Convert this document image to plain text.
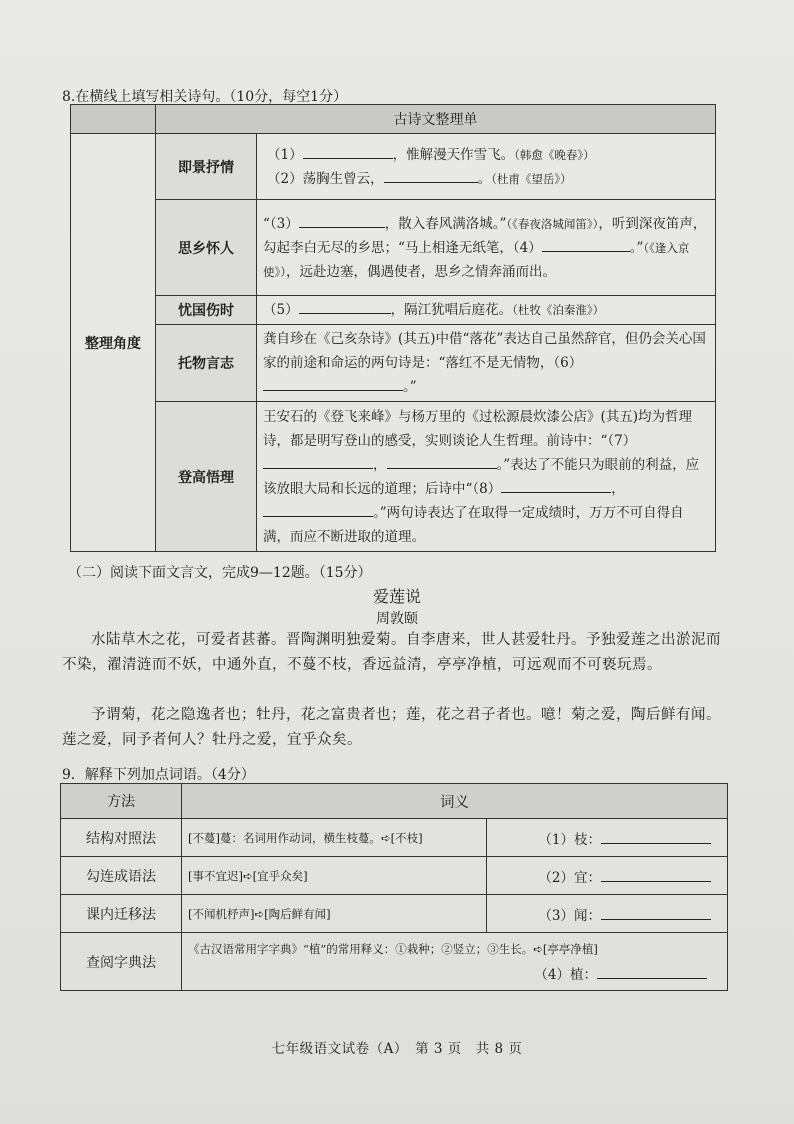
8.在横线上填写相关诗句。（10分，每空1分）
	古诗文整理单	
整理角度	即景抒情	（1） ，惟解漫天作雪飞。（韩愈《晚春》）
（2）荡胸生曾云， 。（杜甫《望岳》）

	思乡怀人	“（3） ，散入春风满洛城。”（《春夜洛城闻笛》），听到深夜笛声，勾起李白无尽的乡思；“马上相逢无纸笔，（4） 。”（《逢入京使》），远赴边塞，偶遇使者，思乡之情奔涌而出。
	忧国伤时	（5） ，隔江犹唱后庭花。（杜牧《泊秦淮》）
	托物言志	龚自珍在《己亥杂诗》(其五)中借“落花”表达自己虽然辞官，但仍会关心国家的前途和命运的两句诗是：“落红不是无情物，（6）。”
	登高悟理	王安石的《登飞来峰》与杨万里的《过松源晨炊漆公店》(其五)均为哲理诗，都是明写登山的感受，实则谈论人生哲理。前诗中：“（7）， 。”表达了不能只为眼前的利益，应该放眼大局和长远的道理；后诗中“（8） ，。”两句诗表达了在取得一定成绩时，万万不可自得自满，而应不断进取的道理。
（二）阅读下面文言文，完成9—12题。（15分）
爱莲说
周敦颐

水陆草木之花，可爱者甚蕃。晋陶渊明独爱菊。自李唐来，世人甚爱牡丹。予独爱莲之出淤泥而不染，濯清涟而不妖，中通外直，不蔓不枝，香远益清，亭亭净植，可远观而不可亵玩焉。

予谓菊，花之隐逸者也；牡丹，花之富贵者也；莲，花之君子者也。噫！菊之爱，陶后鲜有闻。莲之爱，同予者何人？牡丹之爱，宜乎众矣。

9．解释下列加点词语。（4分）
方法	词义	
结构对照法	[不蔓]蔓：名词用作动词，横生枝蔓。➪[不枝]	（1）枝：
勾连成语法	[事不宜迟]➪[宜乎众矣]	（2）宜：
课内迁移法	[不闻机杼声]➪[陶后鲜有闻]	（3）闻：
查阅字典法	《古汉语常用字字典》“植”的常用释义：①栽种；②竖立；③生长。➪[亭亭净植]
（4）植：	
七年级语文试卷（A）　第 3 页　共 8 页
